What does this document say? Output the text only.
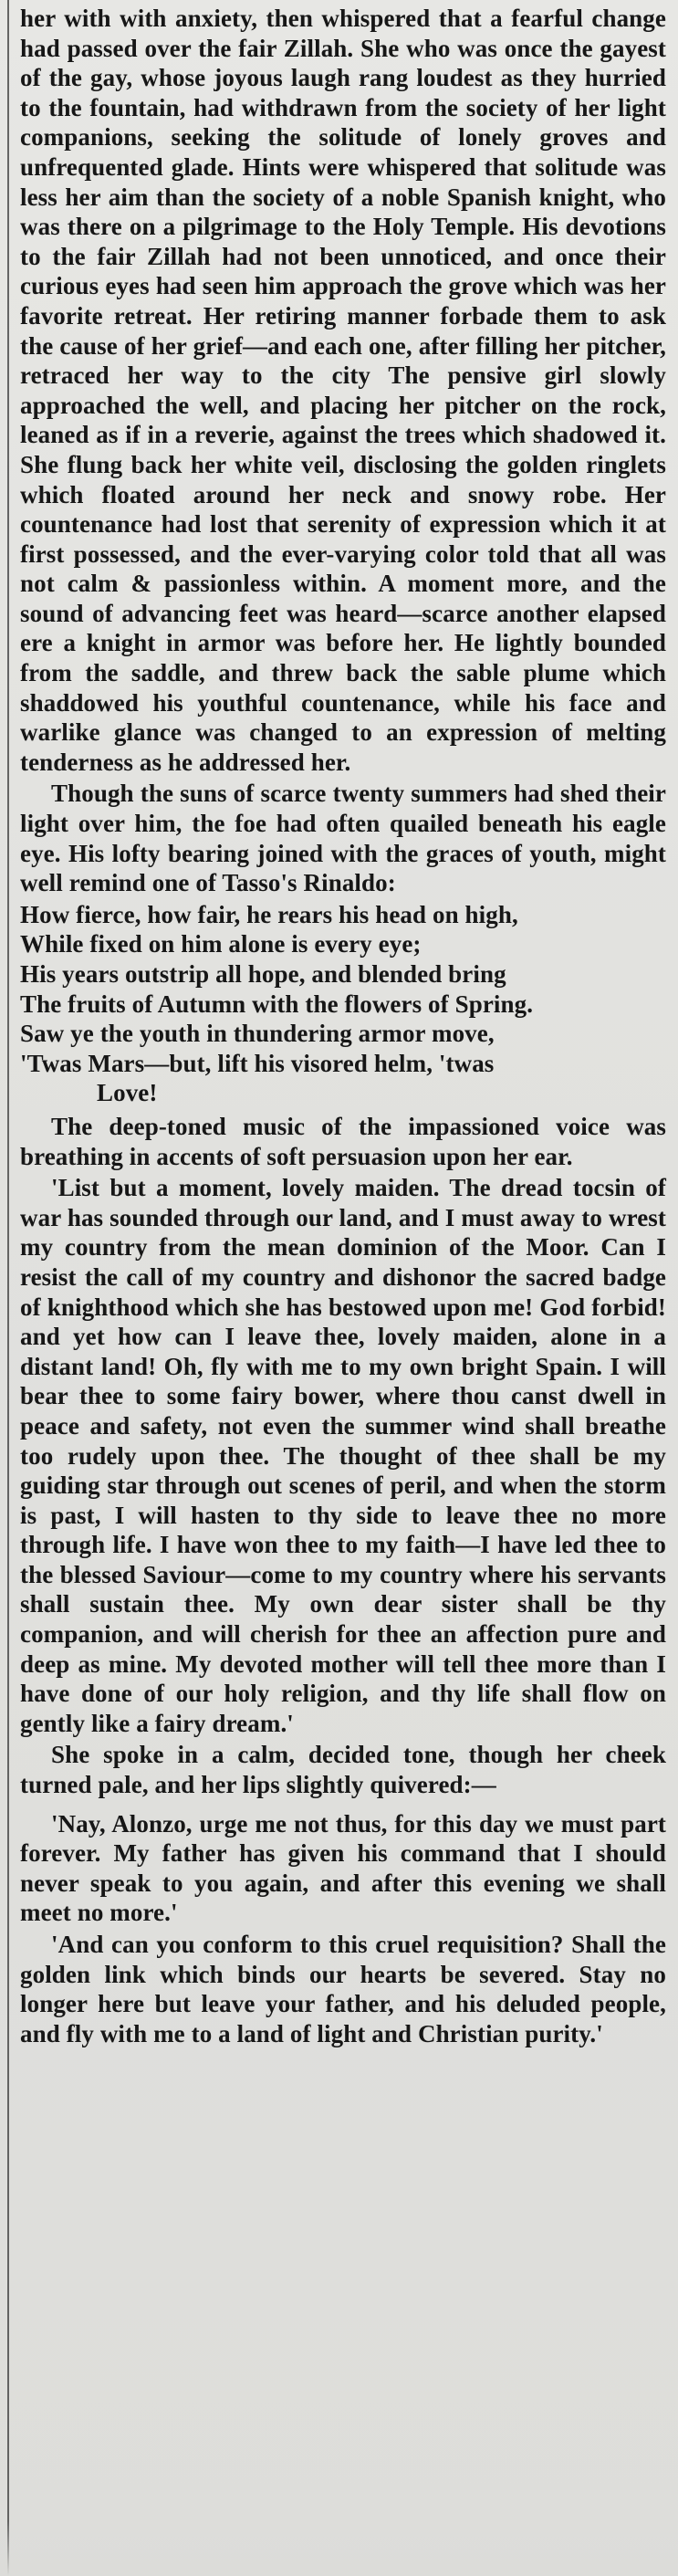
her with with anxiety, then whispered that a fearful change had passed over the fair Zillah. She who was once the gayest of the gay, whose joyous laugh rang loudest as they hurried to the fountain, had withdrawn from the society of her light companions, seeking the solitude of lonely groves and unfrequented glade. Hints were whispered that solitude was less her aim than the society of a noble Spanish knight, who was there on a pilgrimage to the Holy Temple. His devotions to the fair Zillah had not been unnoticed, and once their curious eyes had seen him approach the grove which was her favorite retreat. Her retiring manner forbade them to ask the cause of her grief—and each one, after filling her pitcher, retraced her way to the city The pensive girl slowly approached the well, and placing her pitcher on the rock, leaned as if in a reverie, against the trees which shadowed it. She flung back her white veil, disclosing the golden ringlets which floated around her neck and snowy robe. Her countenance had lost that serenity of expression which it at first possessed, and the ever-varying color told that all was not calm & passionless within. A moment more, and the sound of advancing feet was heard—scarce another elapsed ere a knight in armor was before her. He lightly bounded from the saddle, and threw back the sable plume which shaddowed his youthful countenance, while his face and warlike glance was changed to an expression of melting tenderness as he addressed her.

Though the suns of scarce twenty summers had shed their light over him, the foe had often quailed beneath his eagle eye. His lofty bearing joined with the graces of youth, might well remind one of Tasso's Rinaldo:

How fierce, how fair, he rears his head on high,
While fixed on him alone is every eye;
His years outstrip all hope, and blended bring
The fruits of Autumn with the flowers of Spring.
Saw ye the youth in thundering armor move,
'Twas Mars—but, lift his visored helm, 'twas
Love!

The deep-toned music of the impassioned voice was breathing in accents of soft persuasion upon her ear.

'List but a moment, lovely maiden. The dread tocsin of war has sounded through our land, and I must away to wrest my country from the mean dominion of the Moor. Can I resist the call of my country and dishonor the sacred badge of knighthood which she has bestowed upon me! God forbid! and yet how can I leave thee, lovely maiden, alone in a distant land! Oh, fly with me to my own bright Spain. I will bear thee to some fairy bower, where thou canst dwell in peace and safety, not even the summer wind shall breathe too rudely upon thee. The thought of thee shall be my guiding star through out scenes of peril, and when the storm is past, I will hasten to thy side to leave thee no more through life. I have won thee to my faith—I have led thee to the blessed Saviour—come to my country where his servants shall sustain thee. My own dear sister shall be thy companion, and will cherish for thee an affection pure and deep as mine. My devoted mother will tell thee more than I have done of our holy religion, and thy life shall flow on gently like a fairy dream.'

She spoke in a calm, decided tone, though her cheek turned pale, and her lips slightly quivered:—

'Nay, Alonzo, urge me not thus, for this day we must part forever. My father has given his command that I should never speak to you again, and after this evening we shall meet no more.'

'And can you conform to this cruel requisition? Shall the golden link which binds our hearts be severed. Stay no longer here but leave your father, and his deluded people, and fly with me to a land of light and Christian purity.'
